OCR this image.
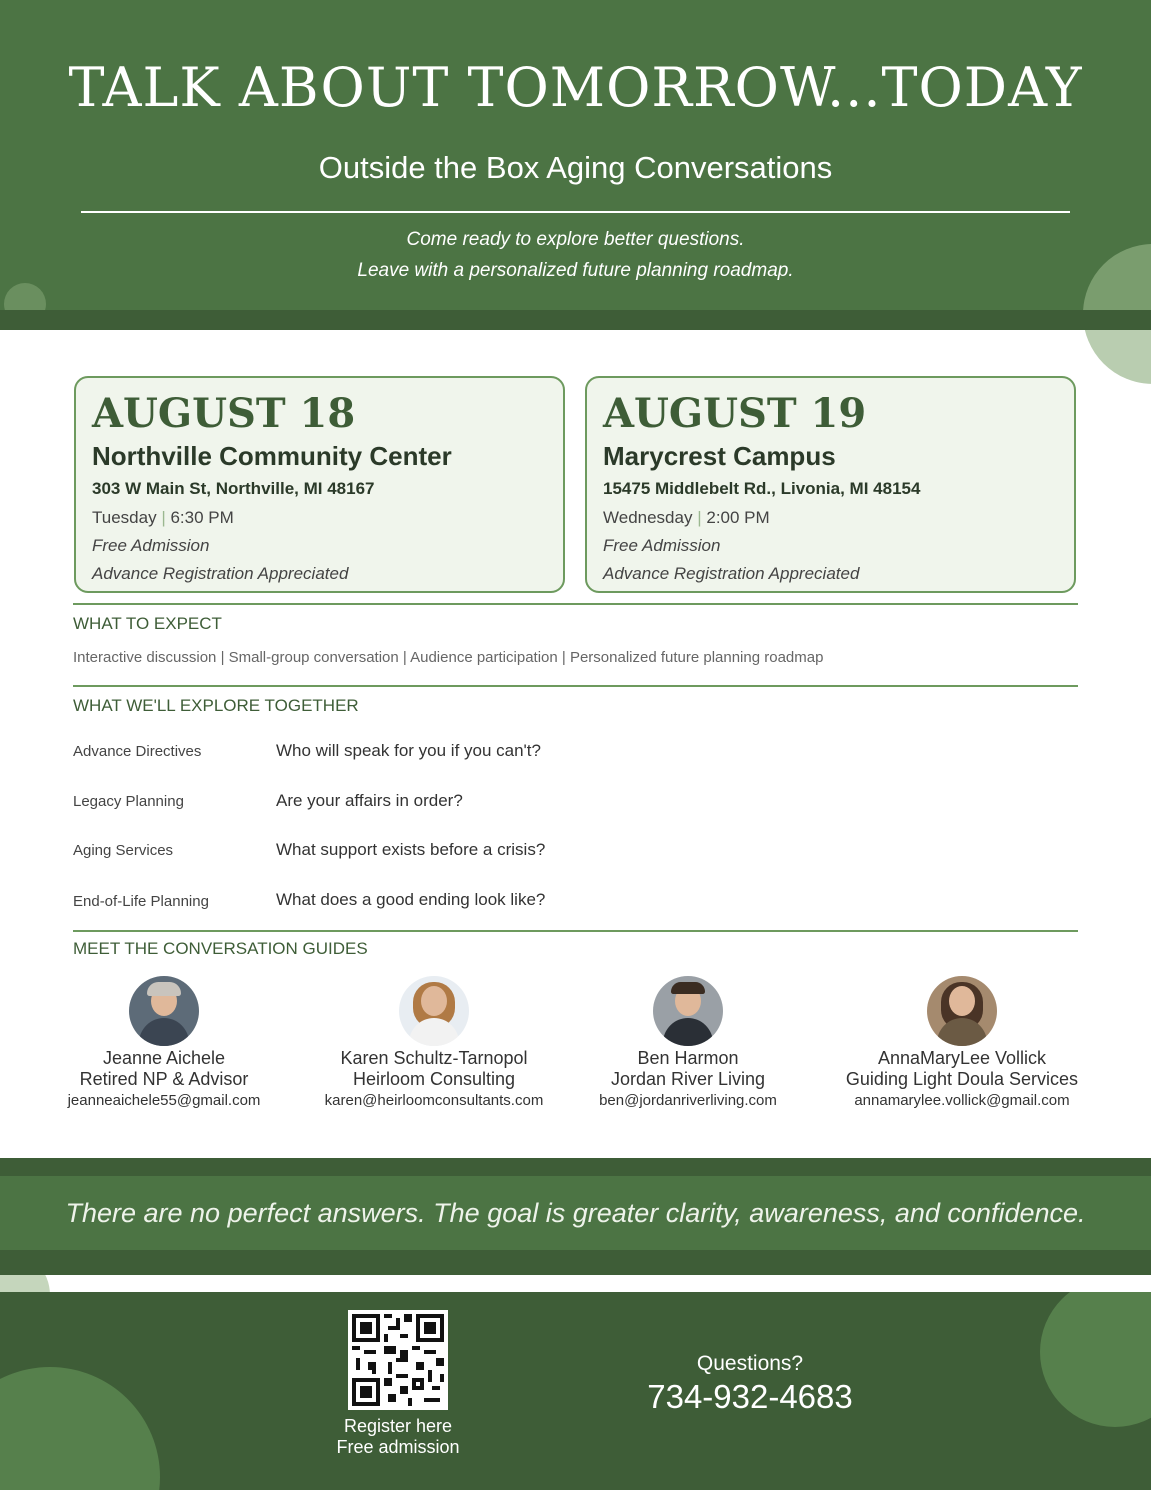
TALK ABOUT TOMORROW...TODAY
Outside the Box Aging Conversations
Come ready to explore better questions.
Leave with a personalized future planning roadmap.
AUGUST 18
Northville Community Center
303 W Main St, Northville, MI 48167
Tuesday | 6:30 PM
Free Admission
Advance Registration Appreciated
AUGUST 19
Marycrest Campus
15475 Middlebelt Rd., Livonia, MI 48154
Wednesday | 2:00 PM
Free Admission
Advance Registration Appreciated
WHAT TO EXPECT
Interactive discussion | Small-group conversation | Audience participation | Personalized future planning roadmap
WHAT WE'LL EXPLORE TOGETHER
Advance Directives	Who will speak for you if you can't?
Legacy Planning	Are your affairs in order?
Aging Services	What support exists before a crisis?
End-of-Life Planning	What does a good ending look like?
MEET THE CONVERSATION GUIDES
Jeanne Aichele
Retired NP & Advisor
jeanneaichele55@gmail.com
Karen Schultz-Tarnopol
Heirloom Consulting
karen@heirloomconsultants.com
Ben Harmon
Jordan River Living
ben@jordanriverliving.com
AnnaMaryLee Vollick
Guiding Light Doula Services
annamarylee.vollick@gmail.com
There are no perfect answers. The goal is greater clarity, awareness, and confidence.
Register here
Free admission
Questions?
734-932-4683
